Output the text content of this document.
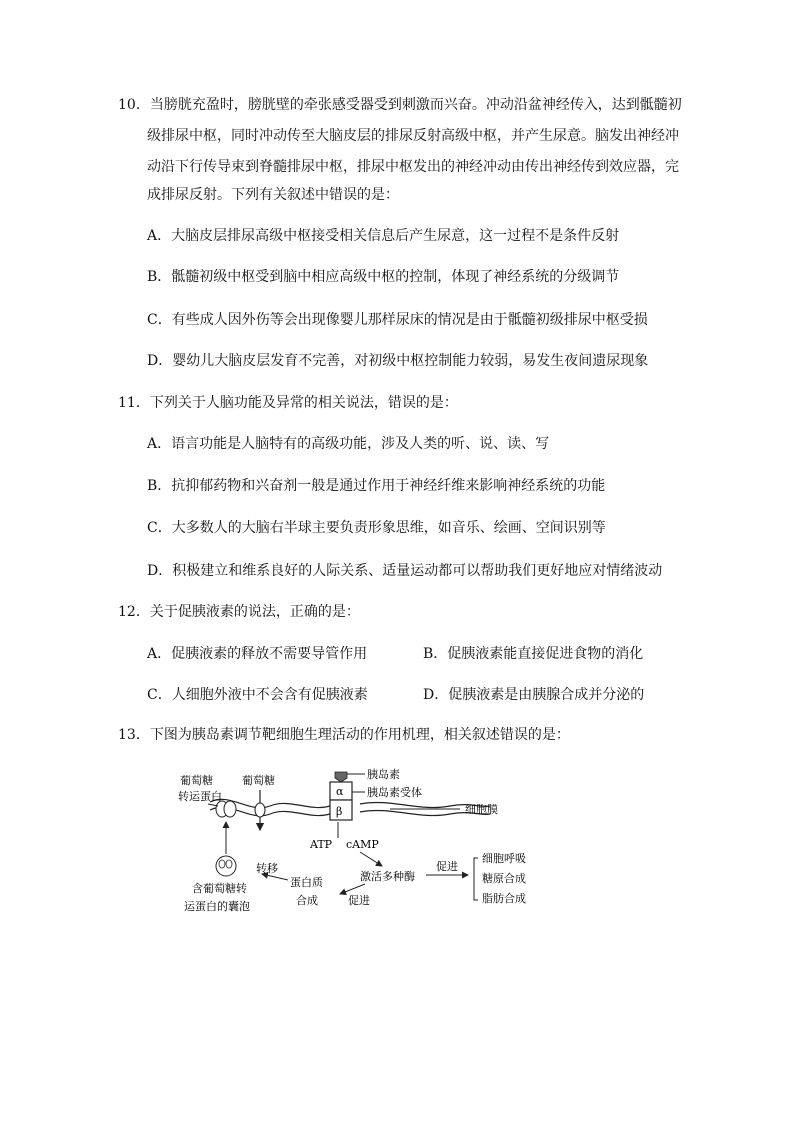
10．当膀胱充盈时，膀胱壁的牵张感受器受到刺激而兴奋。冲动沿盆神经传入，达到骶髓初
级排尿中枢，同时冲动传至大脑皮层的排尿反射高级中枢，并产生尿意。脑发出神经冲
动沿下行传导束到脊髓排尿中枢，排尿中枢发出的神经冲动由传出神经传到效应器，完
成排尿反射。下列有关叙述中错误的是：
A．大脑皮层排尿高级中枢接受相关信息后产生尿意，这一过程不是条件反射
B．骶髓初级中枢受到脑中相应高级中枢的控制，体现了神经系统的分级调节
C．有些成人因外伤等会出现像婴儿那样尿床的情况是由于骶髓初级排尿中枢受损
D．婴幼儿大脑皮层发育不完善，对初级中枢控制能力较弱，易发生夜间遗尿现象
11．下列关于人脑功能及异常的相关说法，错误的是：
A．语言功能是人脑特有的高级功能，涉及人类的听、说、读、写
B．抗抑郁药物和兴奋剂一般是通过作用于神经纤维来影响神经系统的功能
C．大多数人的大脑右半球主要负责形象思维，如音乐、绘画、空间识别等
D．积极建立和维系良好的人际关系、适量运动都可以帮助我们更好地应对情绪波动
12．关于促胰液素的说法，正确的是：
A．促胰液素的释放不需要导管作用	B．促胰液素能直接促进食物的消化
C．人细胞外液中不会含有促胰液素	D．促胰液素是由胰腺合成并分泌的
13．下图为胰岛素调节靶细胞生理活动的作用机理，相关叙述错误的是：
葡萄糖
转运蛋白
葡萄糖
α
β
胰岛素
胰岛素受体
细胞膜
ATP cAMP
激活多种酶
促进
细胞呼吸
糖原合成
脂肪合成
促进
蛋白质
合成
转移
含葡萄糖转
运蛋白的囊泡
